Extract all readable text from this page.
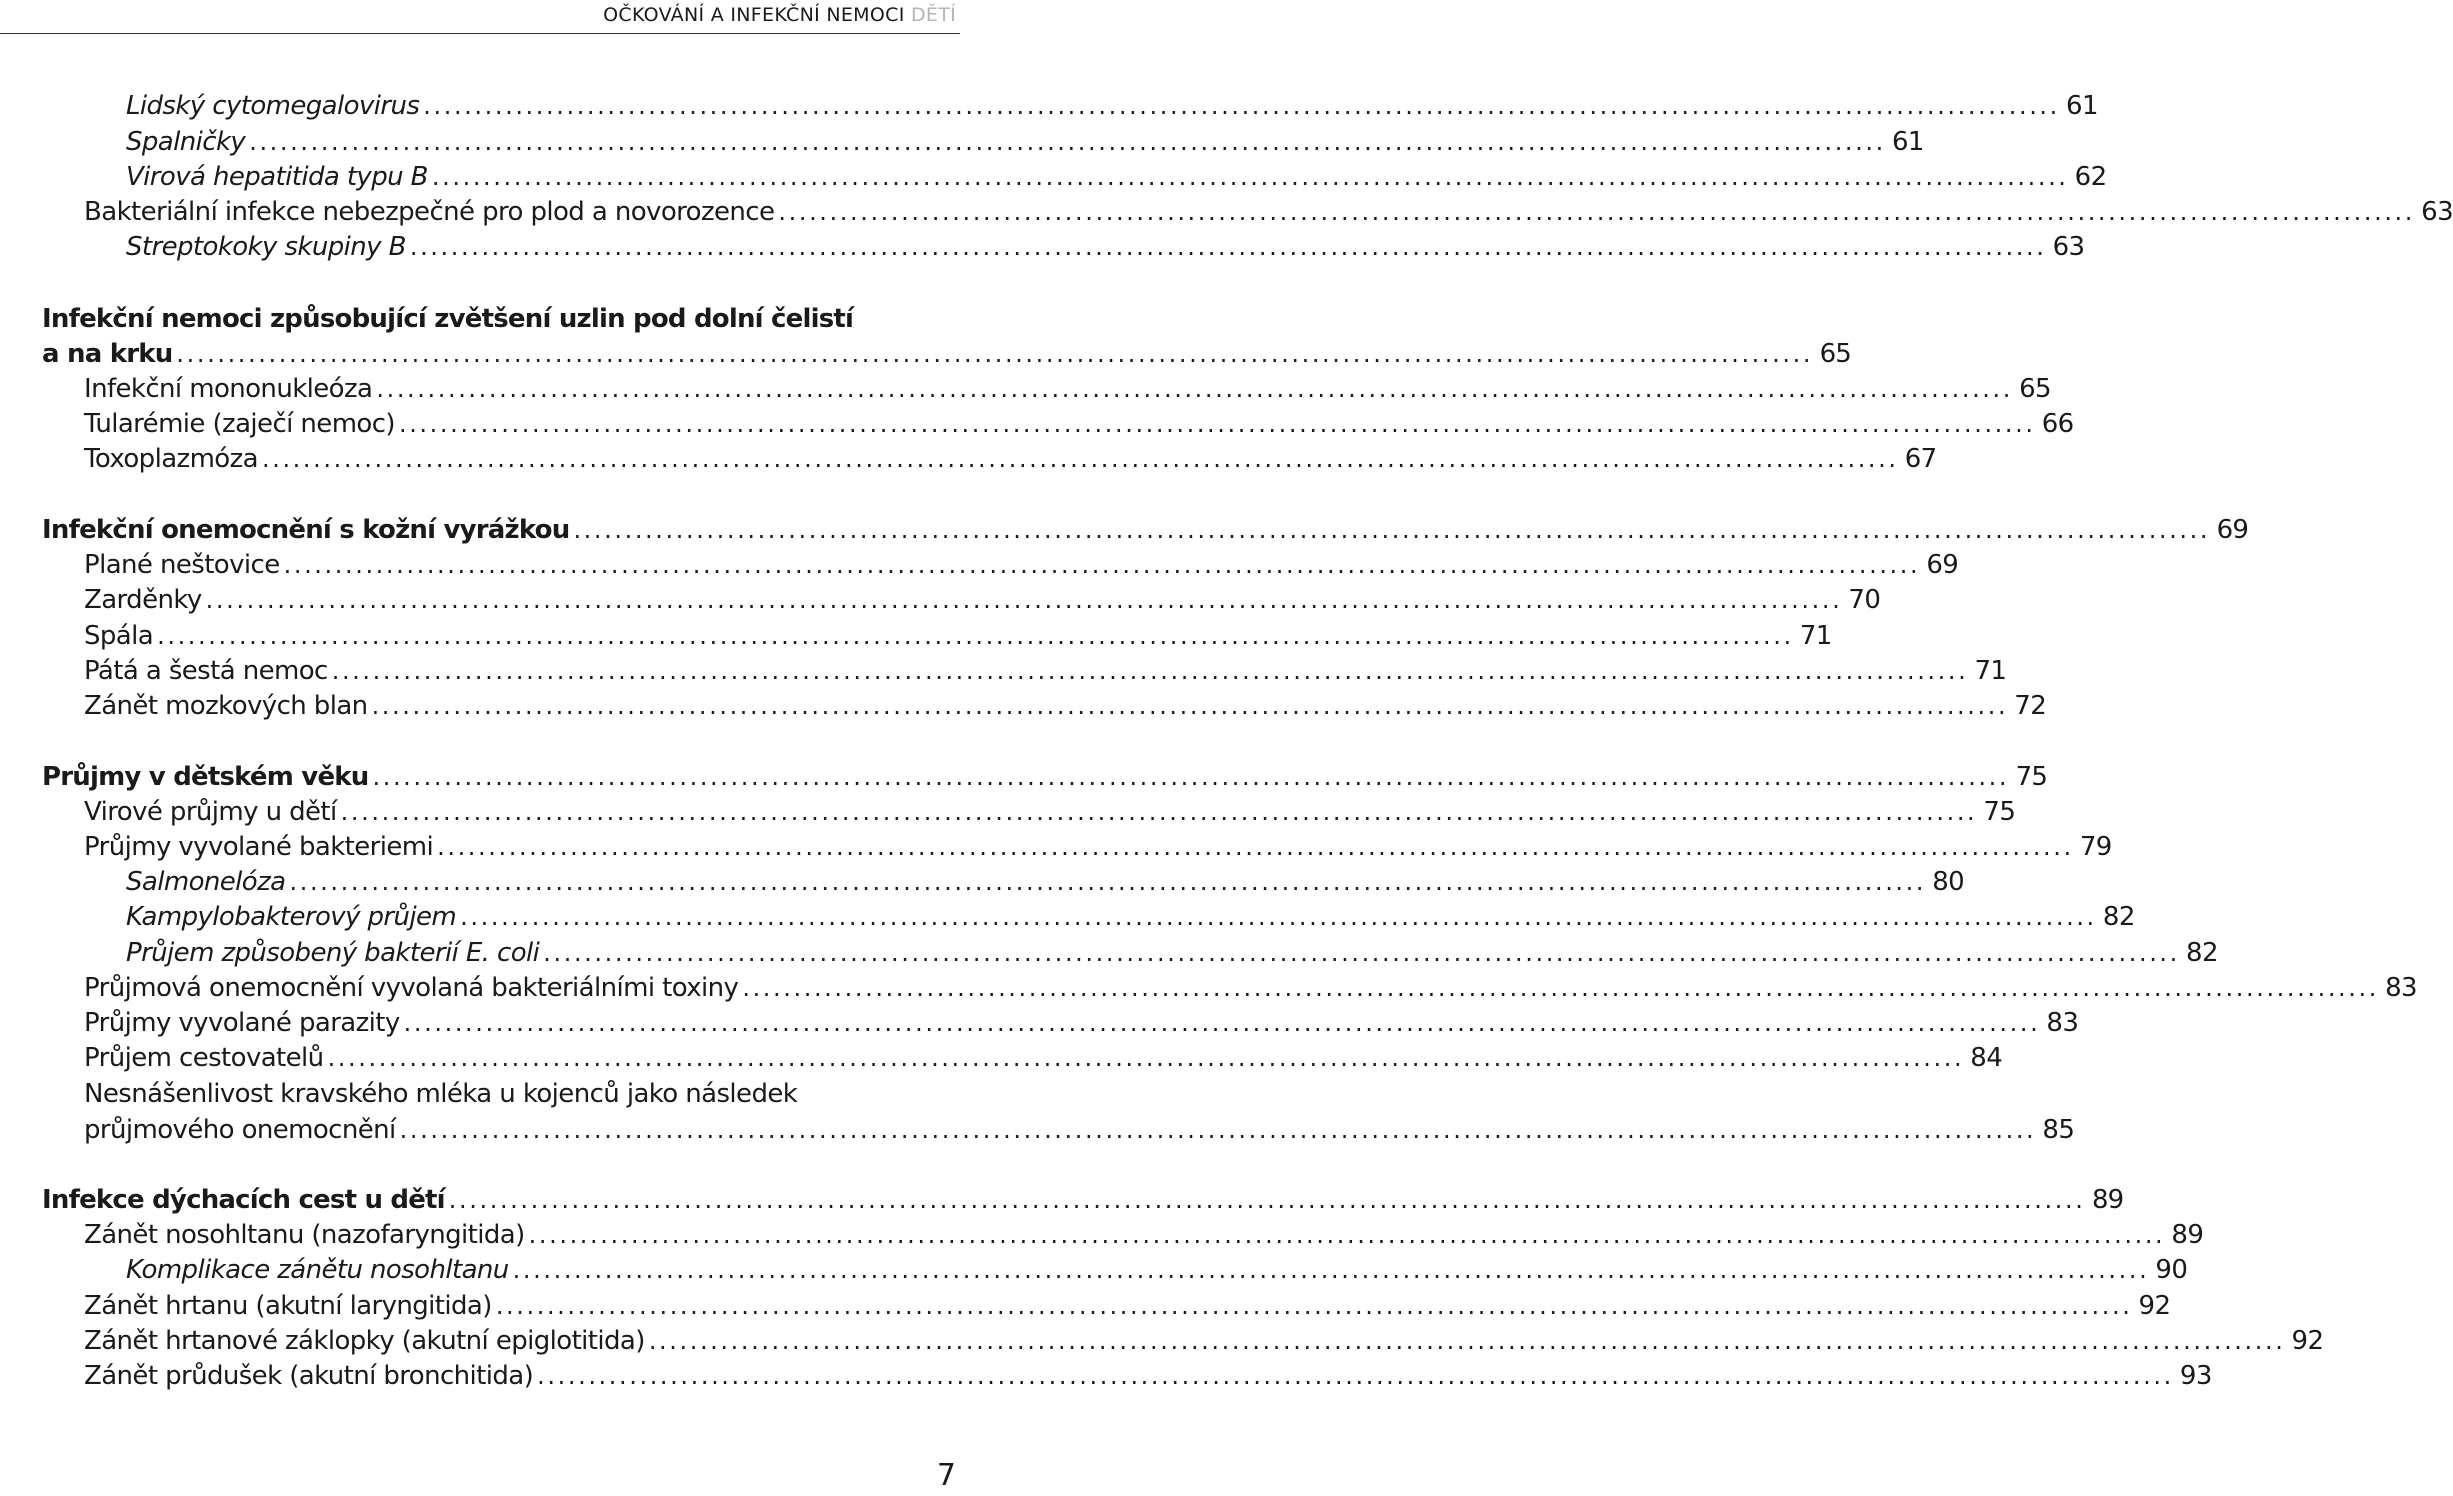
OČKOVÁNÍ A INFEKČNÍ NEMOCI DĚTÍ
Lidský cytomegalovirus ................................................................................................................................................................ 61
Spalničky ................................................................................................................................................................ 61
Virová hepatitida typu B ................................................................................................................................................................ 62
Bakteriální infekce nebezpečné pro plod a novorozence ................................................................................................................................................................ 63
Streptokoky skupiny B ................................................................................................................................................................ 63
Infekční nemoci způsobující zvětšení uzlin pod dolní čelistí
a na krku ................................................................................................................................................................ 65
Infekční mononukleóza ................................................................................................................................................................ 65
Tularémie (zaječí nemoc) ................................................................................................................................................................ 66
Toxoplazmóza ................................................................................................................................................................ 67
Infekční onemocnění s kožní vyrážkou ................................................................................................................................................................ 69
Plané neštovice ................................................................................................................................................................ 69
Zarděnky ................................................................................................................................................................ 70
Spála ................................................................................................................................................................ 71
Pátá a šestá nemoc ................................................................................................................................................................ 71
Zánět mozkových blan ................................................................................................................................................................ 72
Průjmy v dětském věku ................................................................................................................................................................ 75
Virové průjmy u dětí ................................................................................................................................................................ 75
Průjmy vyvolané bakteriemi ................................................................................................................................................................ 79
Salmonelóza ................................................................................................................................................................ 80
Kampylobakterový průjem ................................................................................................................................................................ 82
Průjem způsobený bakterií E. coli ................................................................................................................................................................ 82
Průjmová onemocnění vyvolaná bakteriálními toxiny ................................................................................................................................................................ 83
Průjmy vyvolané parazity ................................................................................................................................................................ 83
Průjem cestovatelů ................................................................................................................................................................ 84
Nesnášenlivost kravského mléka u kojenců jako následek
průjmového onemocnění ................................................................................................................................................................ 85
Infekce dýchacích cest u dětí ................................................................................................................................................................ 89
Zánět nosohltanu (nazofaryngitida) ................................................................................................................................................................ 89
Komplikace zánětu nosohltanu ................................................................................................................................................................ 90
Zánět hrtanu (akutní laryngitida) ................................................................................................................................................................ 92
Zánět hrtanové záklopky (akutní epiglotitida) ................................................................................................................................................................ 92
Zánět průdušek (akutní bronchitida) ................................................................................................................................................................ 93
7
